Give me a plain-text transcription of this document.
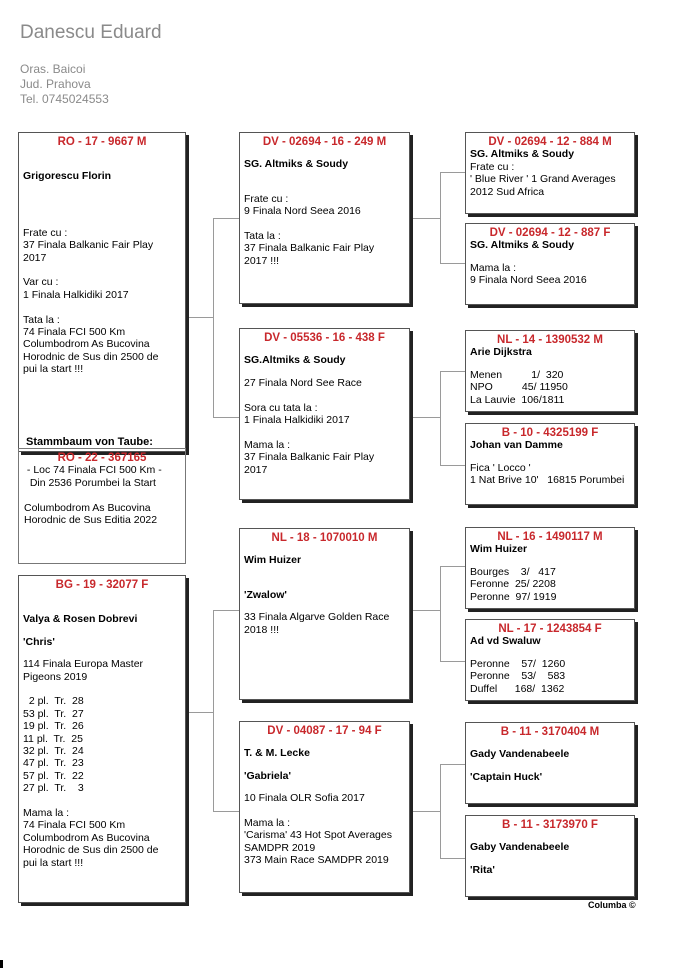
Danescu Eduard
Oras. Baicoi
Jud. Prahova
Tel. 0745024553
RO - 17 - 9667 M
Grigorescu Florin
Frate cu :
37 Finala Balkanic Fair Play
2017
Var cu :
1 Finala Halkidiki 2017
Tata la :
74 Finala FCI 500 Km
Columbodrom As Bucovina
Horodnic de Sus din 2500 de
pui la start !!!
Stammbaum von Taube:
RO - 22 - 367165
- Loc 74 Finala FCI 500 Km -
Din 2536 Porumbei la Start
Columbodrom As Bucovina
Horodnic de Sus Editia 2022
BG - 19 - 32077 F
Valya & Rosen Dobrevi
'Chris'
114 Finala Europa Master
Pigeons 2019
2 pl.  Tr.  28
53 pl.  Tr.  27
19 pl.  Tr.  26
11 pl.  Tr.  25
32 pl.  Tr.  24
47 pl.  Tr.  23
57 pl.  Tr.  22
27 pl.  Tr.    3
Mama la :
74 Finala FCI 500 Km
Columbodrom As Bucovina
Horodnic de Sus din 2500 de
pui la start !!!
DV - 02694 - 16 - 249 M
SG. Altmiks & Soudy
Frate cu :
9 Finala Nord Seea 2016
Tata la :
37 Finala Balkanic Fair Play
2017 !!!
DV - 05536 - 16 - 438 F
SG.Altmiks & Soudy
27 Finala Nord See Race
Sora cu tata la :
1 Finala Halkidiki 2017
Mama la :
37 Finala Balkanic Fair Play
2017
NL - 18 - 1070010 M
Wim Huizer
'Zwalow'
33 Finala Algarve Golden Race
2018 !!!
DV - 04087 - 17 - 94 F
T. & M. Lecke
'Gabriela'
10 Finala OLR Sofia 2017
Mama la :
'Carisma' 43 Hot Spot Averages
SAMDPR 2019
373 Main Race SAMDPR 2019
DV - 02694 - 12 - 884 M
SG. Altmiks & Soudy
Frate cu :
' Blue River ' 1 Grand Averages
2012 Sud Africa
DV - 02694 - 12 - 887 F
SG. Altmiks & Soudy
Mama la :
9 Finala Nord Seea 2016
NL - 14 - 1390532 M
Arie Dijkstra
Menen          1/  320
NPO          45/ 11950
La Lauvie  106/1811
B - 10 - 4325199 F
Johan van Damme
Fica ' Locco '
1 Nat Brive 10'   16815 Porumbei
NL - 16 - 1490117 M
Wim Huizer
Bourges    3/   417
Feronne  25/ 2208
Peronne  97/ 1919
NL - 17 - 1243854 F
Ad vd Swaluw
Peronne    57/  1260
Peronne    53/    583
Duffel      168/  1362
B - 11 - 3170404 M
Gady Vandenabeele
'Captain Huck'
B - 11 - 3173970 F
Gaby Vandenabeele
'Rita'
Columba ©
